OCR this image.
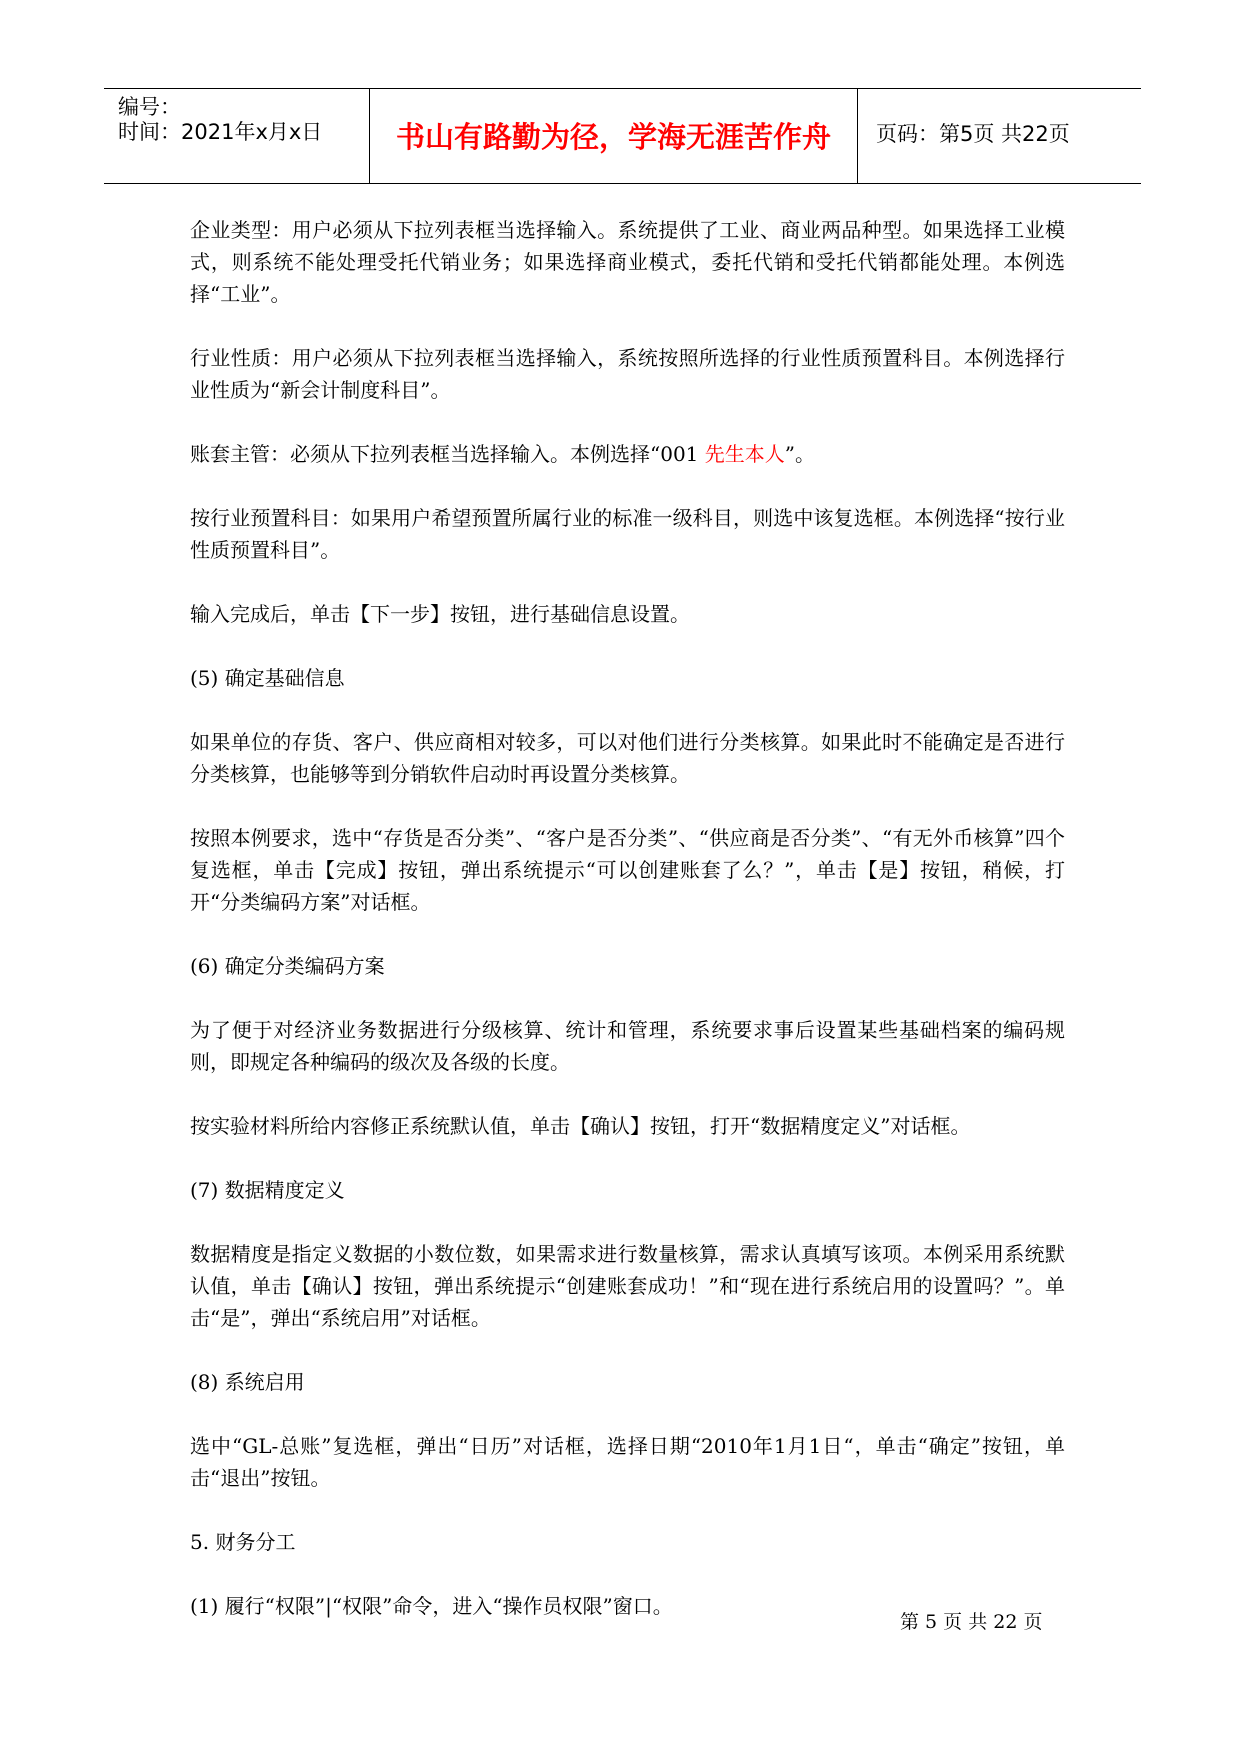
编号：
时间：2021年x月x日	书山有路勤为径，学海无涯苦作舟	页码：第5页 共22页

企业类型：用户必须从下拉列表框当选择输入。系统提供了工业、商业两品种型。如果选择工业模式，则系统不能处理受托代销业务；如果选择商业模式，委托代销和受托代销都能处理。本例选择“工业”。

行业性质：用户必须从下拉列表框当选择输入，系统按照所选择的行业性质预置科目。本例选择行业性质为“新会计制度科目”。

账套主管：必须从下拉列表框当选择输入。本例选择“001 先生本人”。

按行业预置科目：如果用户希望预置所属行业的标准一级科目，则选中该复选框。本例选择“按行业性质预置科目”。

输入完成后，单击【下一步】按钮，进行基础信息设置。

(5) 确定基础信息

如果单位的存货、客户、供应商相对较多，可以对他们进行分类核算。如果此时不能确定是否进行分类核算，也能够等到分销软件启动时再设置分类核算。

按照本例要求，选中“存货是否分类”、“客户是否分类”、“供应商是否分类”、“有无外币核算”四个复选框，单击【完成】按钮，弹出系统提示“可以创建账套了么？”，单击【是】按钮，稍候，打开“分类编码方案”对话框。

(6) 确定分类编码方案

为了便于对经济业务数据进行分级核算、统计和管理，系统要求事后设置某些基础档案的编码规则，即规定各种编码的级次及各级的长度。

按实验材料所给内容修正系统默认值，单击【确认】按钮，打开“数据精度定义”对话框。

(7) 数据精度定义

数据精度是指定义数据的小数位数，如果需求进行数量核算，需求认真填写该项。本例采用系统默认值，单击【确认】按钮，弹出系统提示“创建账套成功！”和“现在进行系统启用的设置吗？”。单击“是”，弹出“系统启用”对话框。

(8) 系统启用

选中“GL-总账”复选框，弹出“日历”对话框，选择日期“2010年1月1日“，单击“确定”按钮，单击“退出”按钮。

5. 财务分工

(1) 履行“权限”|“权限”命令，进入“操作员权限”窗口。

第 5 页 共 22 页
